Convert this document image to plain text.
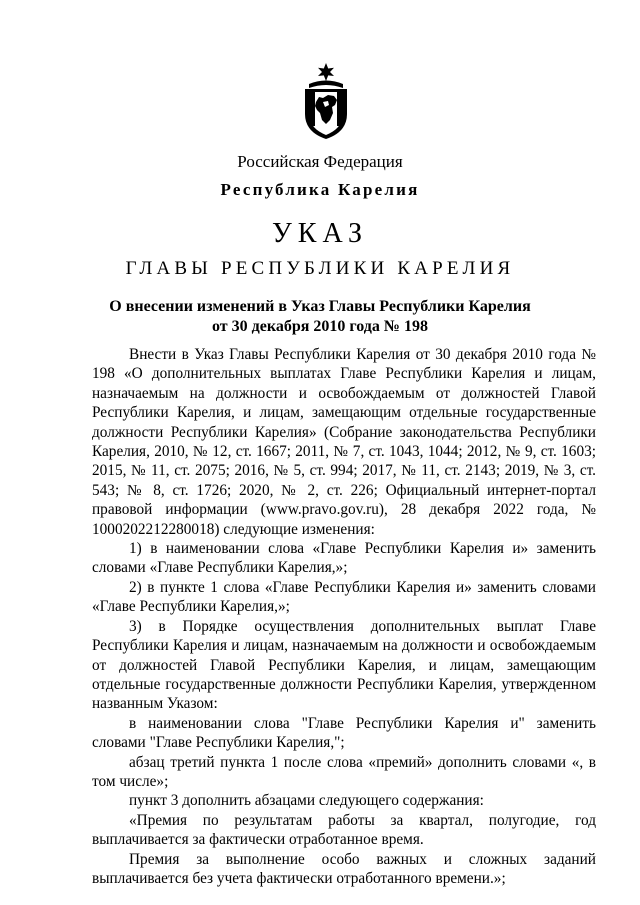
Российская Федерация
Республика Карелия
УКАЗ
ГЛАВЫ РЕСПУБЛИКИ КАРЕЛИЯ
О внесении изменений в Указ Главы Республики Карелия
от 30 декабря 2010 года № 198

Внести в Указ Главы Республики Карелия от 30 декабря 2010 года № 198 «О дополнительных выплатах Главе Республики Карелия и лицам, назначаемым на должности и освобождаемым от должностей Главой Республики Карелия, и лицам, замещающим отдельные государственные должности Республики Карелия» (Собрание законодательства Республики Карелия, 2010, № 12, ст. 1667; 2011, № 7, ст. 1043, 1044; 2012, № 9, ст. 1603; 2015, № 11, ст. 2075; 2016, № 5, ст. 994; 2017, № 11, ст. 2143; 2019, № 3, ст. 543; № 8, ст. 1726; 2020, № 2, ст. 226; Официальный интернет-портал правовой информации (www.pravo.gov.ru), 28 декабря 2022 года, № 1000202212280018) следующие изменения:

1) в наименовании слова «Главе Республики Карелия и» заменить словами «Главе Республики Карелия,»;

2) в пункте 1 слова «Главе Республики Карелия и» заменить словами «Главе Республики Карелия,»;

3) в Порядке осуществления дополнительных выплат Главе Республики Карелия и лицам, назначаемым на должности и освобождаемым от должностей Главой Республики Карелия, и лицам, замещающим отдельные государственные должности Республики Карелия, утвержденном названным Указом:

в наименовании слова "Главе Республики Карелия и" заменить словами "Главе Республики Карелия,";

абзац третий пункта 1 после слова «премий» дополнить словами «, в том числе»;

пункт 3 дополнить абзацами следующего содержания:

«Премия по результатам работы за квартал, полугодие, год выплачивается за фактически отработанное время.

Премия за выполнение особо важных и сложных заданий выплачивается без учета фактически отработанного времени.»;
